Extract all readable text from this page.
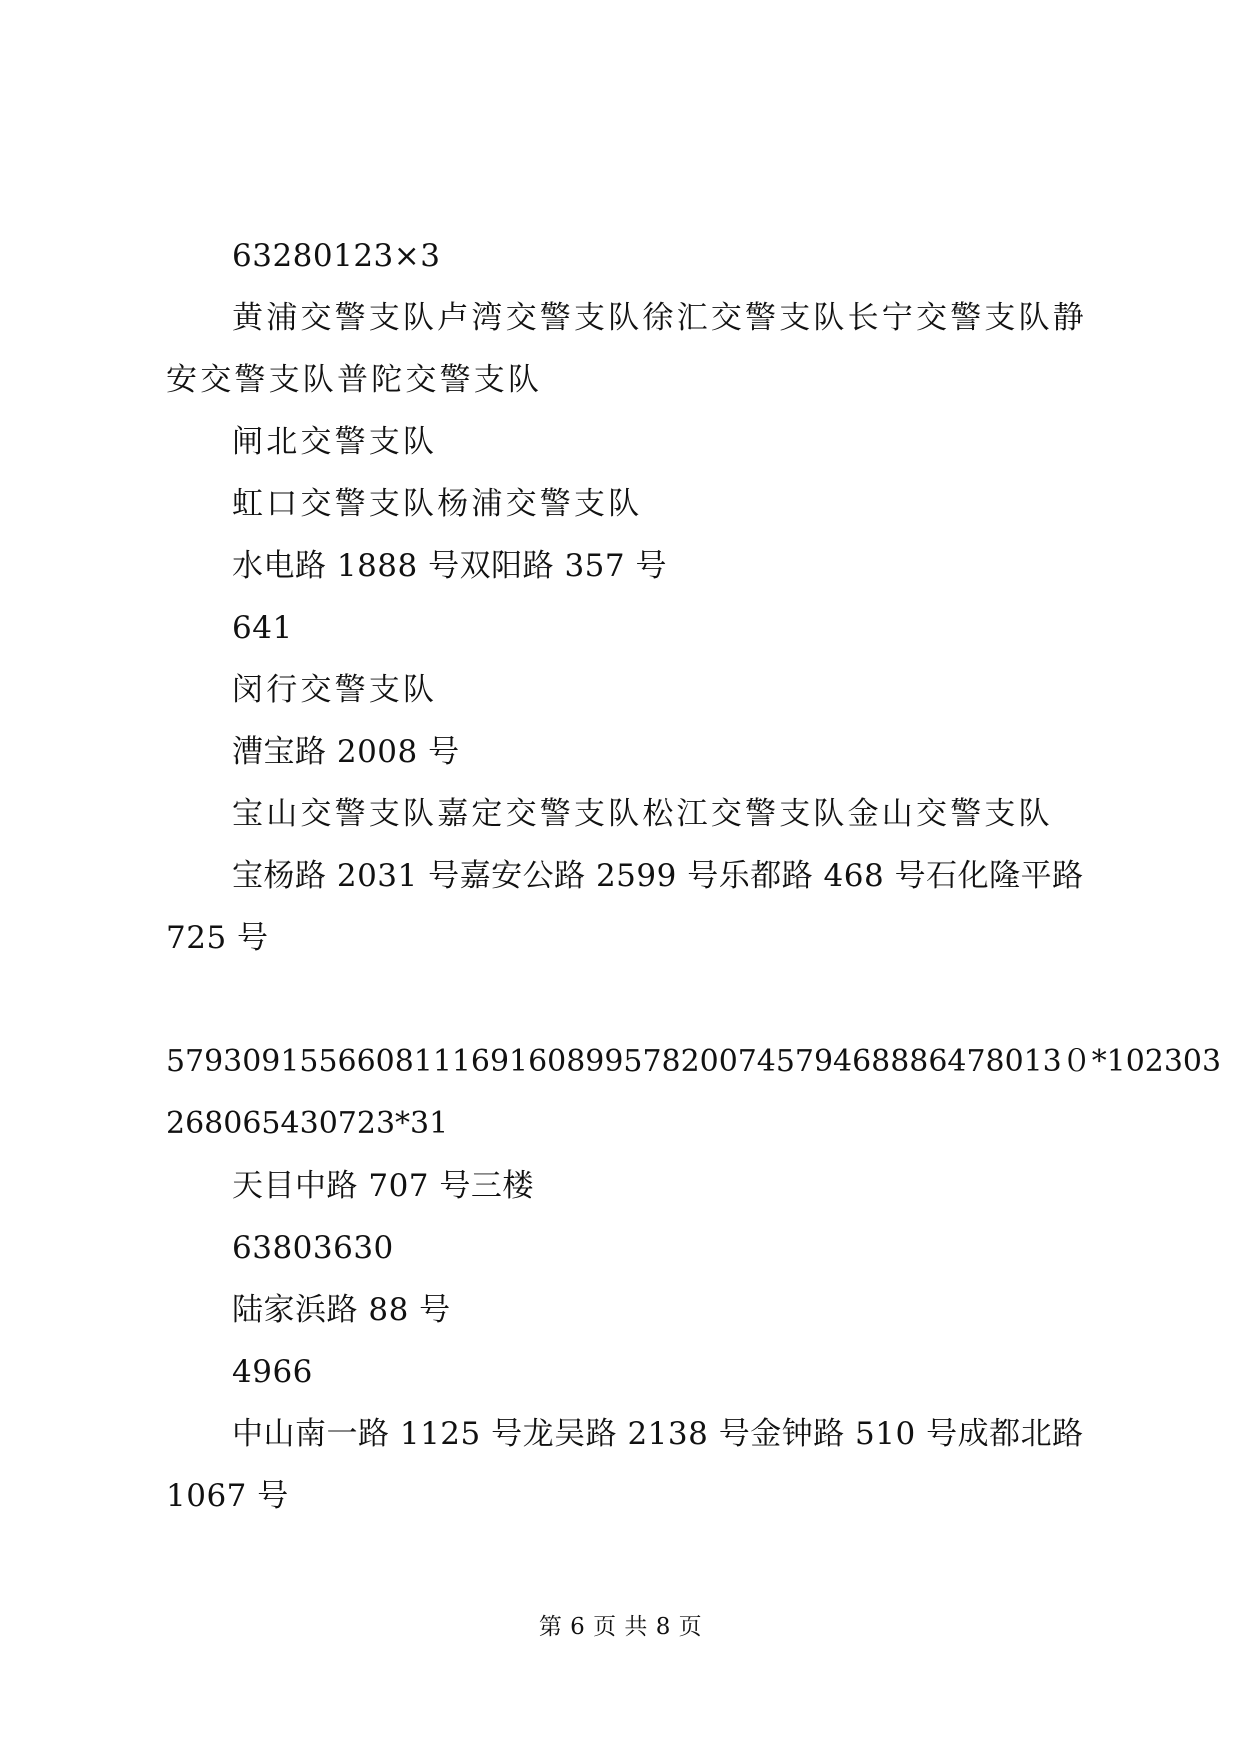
63280123×3
黄浦交警支队卢湾交警支队徐汇交警支队长宁交警支队静
安交警支队普陀交警支队
闸北交警支队
虹口交警支队杨浦交警支队
水电路 1888 号双阳路 357 号
641
闵行交警支队
漕宝路 2008 号
宝山交警支队嘉定交警支队松江交警支队金山交警支队
宝杨路 2031 号嘉安公路 2599 号乐都路 468 号石化隆平路
725 号
57930915566081116916089957820074579468886478013０*102303
268065430723*31
天目中路 707 号三楼
63803630
陆家浜路 88 号
4966
中山南一路 1125 号龙吴路 2138 号金钟路 510 号成都北路
1067 号
第 6 页 共 8 页
